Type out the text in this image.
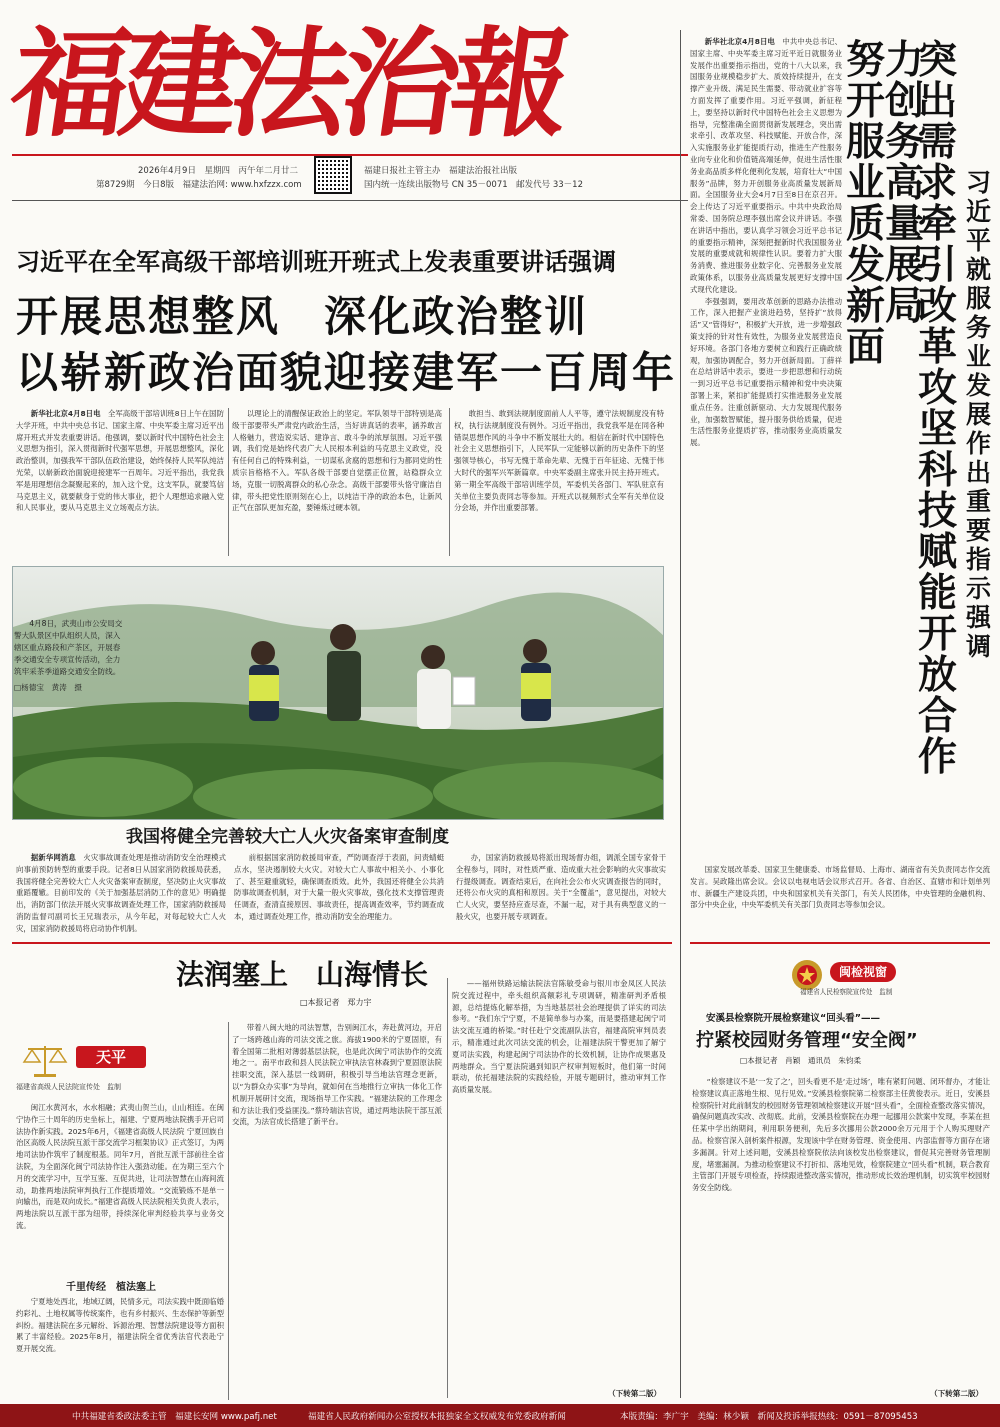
福建法治報
2026年4月9日　星期四　丙午年二月廿二
第8729期　今日8版　福建法治网: www.hxfzzx.com
福建日报社主管主办　福建法治报社出版
国内统一连续出版物号 CN 35－0071　邮发代号 33－12
习近平在全军高级干部培训班开班式上发表重要讲话强调
开展思想整风　深化政治整训
以崭新政治面貌迎接建军一百周年

新华社北京4月8日电　 全军高级干部培训班8日上午在国防大学开班，中共中央总书记、国家主席、中央军委主席习近平出席开班式并发表重要讲话。他强调，要以新时代中国特色社会主义思想为指引，深入贯彻新时代强军思想，开展思想整风，深化政治整训，加强我军干部队伍政治建设，始终保持人民军队纯洁光荣，以崭新政治面貌迎接建军一百周年。习近平指出，我党我军是用理想信念凝聚起来的，加入这个党，这支军队，就要笃信马克思主义，就要献身于党的伟大事业，把个人理想追求融入党和人民事业，要从马克思主义立场观点方法。

以理论上的清醒保证政治上的坚定。军队领导干部特别是高级干部要带头严肃党内政治生活，当好讲真话的表率，涵养敢言人格魅力，营造说实话、建诤言、敢斗争的浓厚氛围。习近平强调，我们党是始终代表广大人民根本利益的马克思主义政党，没有任何自己的特殊利益，一切谋私贪腐的思想和行为都同党的性质宗旨格格不入。军队各级干部要自觉摆正位置，站稳群众立场，克服一切脱离群众的私心杂念。高级干部要带头恪守廉洁自律，带头把党性原则刻在心上，以纯洁干净的政治本色，让新风正气在部队更加充盈，要锤炼过硬本领。

敢担当、敢到法规制度面前人人平等，遵守法规制度没有特权，执行法规制度没有例外。习近平指出，我党我军是在同各种错误思想作风的斗争中不断发展壮大的。相信在新时代中国特色社会主义思想指引下，人民军队一定能够以新的历史条件下的坚强领导核心，书写无愧于革命先辈、无愧于百年征途、无愧于伟大时代的强军兴军新篇章。中央军委副主席张升民主持开班式。第一期全军高级干部培训班学员，军委机关各部门、军队驻京有关单位主要负责同志等参加。开班式以视频形式全军有关单位设分会场，并作出重要部署。

4月8日，武夷山市公安局交警大队景区中队组织人员，深入辖区重点路段和产茶区，开展春季交通安全专项宣传活动，全力筑牢采茶季道路交通安全防线。
□杨德宝　黄涛　摄
我国将健全完善较大亡人火灾备案审查制度

据新华网消息　 火灾事故调查处理是推动消防安全治理模式向事前预防转型的重要手段。记者8日从国家消防救援局获悉，我国将健全完善较大亡人火灾备案审查制度，坚决防止火灾事故重蹈覆辙。目前印发的《关于加强基层消防工作的意见》明确提出，消防部门依法开展火灾事故调查处理工作，国家消防救援局消防监督司副司长王兄瑞表示，从今年起，对每起较大亡人火灾，国家消防救援局将启动协作机制。

前根据国家消防救援局审查，严防调查浮于表面，问责蜻蜓点水，坚决遏制较大火灾。对较大亡人事故中相关小、小事化了、甚至避重就轻，确保调查质效。此外，我国还将健全公共消防事故调查机制，对于大量一般火灾事故，强化技术支撑管理责任调查，查清直接原因、事故责任，提高调查效率，节约调查成本，通过调查处理工作，推动消防安全治理能力。

办，国家消防救援局将派出现场督办组，调派全国专家骨干全程参与，同时，对性质严重、造成重大社会影响的火灾事故实行提级调查。调查结束后，在向社会公布火灾调查报告的同时，还将公布火灾的真相和原因。关于“全覆盖”，意见提出，对较大亡人火灾，要坚持应查尽查，不漏一起，对于具有典型意义的一般火灾，也要开展专项调查。

法润塞上　山海情长
□本报记者　郑力宇
天平
福建省高级人民法院宣传处　监制

闽江水黄河水，水水相融；武夷山贺兰山，山山相连。在闽宁协作三十周年的历史坐标上，福建、宁夏两地法院携手开启司法协作新实践。2025年6月，《福建省高级人民法院 宁夏回族自治区高级人民法院互派干部交流学习框架协议》正式签订，为两地司法协作筑牢了制度根基。同年7月，首批互派干部前往全省法院，为全面深化闽宁司法协作注入强劲动能。在为期三至六个月的交流学习中，互学互鉴、互促共进，让司法智慧在山海间流动，助推两地法院审判执行工作提质增效。“交流锻炼不是单一向输出，而是双向成长。”福建省高级人民法院相关负责人表示，两地法院以互派干部为纽带，持续深化审判经验共享与业务交流。

千里传经　植法塞上

宁夏地处西北，地域辽阔，民情多元，司法实践中既面临婚约彩礼、土地权属等传统案件，也有乡村振兴、生态保护等新型纠纷。福建法院在多元解纷、诉源治理、智慧法院建设等方面积累了丰富经验。2025年8月，福建法院全省优秀法官代表赴宁夏开展交流。

带着八闽大地的司法智慧，告别闽江水，奔赴黄河边，开启了一场跨越山海的司法交流之旅。海拔1900米的宁夏固原，有着全国第二批相对薄弱基层法院，也是此次闽宁司法协作的交流地之一。南平市政和县人民法院立审执法官林森到宁夏固原法院挂职交流，深入基层一线调研，积极引导当地法官理念更新，以“为群众办实事”为导向，就如何在当地推行立审执一体化工作机制开展研讨交流，现场指导工作实践。“福建法院的工作理念和方法让我们受益匪浅。”蔡玲瑞法官说，通过两地法院干部互派交流，为法官成长搭建了新平台。

——福州铁路运输法院法官陈敏受命与银川市金凤区人民法院交流过程中，牵头组织高额彩礼专项调研，精准研判矛盾根源，总结提炼化解举措，为当地基层社会治理提供了详实的司法参考。“我们东宁宁夏，不是简单参与办案，而是要搭建起闽宁司法交流互通的桥梁。”时任赴宁交流副队法官，福建高院审判员表示，精准通过此次司法交流的机会，让福建法院干警更加了解宁夏司法实践，构建起闽宁司法协作的长效机制，让协作成果惠及两地群众。当宁夏法院遇到知识产权审判短板时，他们第一时间联动，依托福建法院的实践经验，开展专题研讨，推动审判工作高质量发展。

（下转第二版）

新华社北京4月8日电　 中共中央总书记、国家主席、中央军委主席习近平近日就服务业发展作出重要指示指出，党的十八大以来，我国服务业规模稳步扩大、质效持续提升，在支撑产业升级、满足民生需要、带动就业扩容等方面发挥了重要作用。习近平强调，新征程上，要坚持以新时代中国特色社会主义思想为指导，完整准确全面贯彻新发展理念，突出需求牵引、改革攻坚、科技赋能、开放合作，深入实施服务业扩能提质行动，推进生产性服务业向专业化和价值链高端延伸，促进生活性服务业高品质多样化便利化发展，培育壮大“中国服务”品牌，努力开创服务业高质量发展新局面。全国服务业大会4月7日至8日在京召开。会上传达了习近平重要指示。中共中央政治局常委、国务院总理李强出席会议并讲话。李强在讲话中指出，要认真学习领会习近平总书记的重要指示精神，深刻把握新时代我国服务业发展的重要成就和规律性认识。要着力扩大服务消费、推进服务业数字化、完善服务业发展政策体系，以服务业高质量发展更好支撑中国式现代化建设。

李强强调，要用改革创新的思路办法推动工作，深入把握产业演进趋势，坚持扩“放得活”又“管得好”，积极扩大开放，进一步增强政策支持的针对性有效性，为服务业发展营造良好环境。各部门各地方要树立和践行正确政绩观，加强协调配合，努力开创新局面。丁薛祥在总结讲话中表示，要进一步把思想和行动统一到习近平总书记重要指示精神和党中央决策部署上来，紧扣扩能提质打实推进服务业发展重点任务。注重创新驱动、大力发展现代服务业，加强数智赋能，提升服务供给质量，促进生活性服务业提质扩容，推动服务业高质量发展。

努力开创服务业高质量发展新局面
突出需求牵引改革攻坚科技赋能开放合作
习近平就服务业发展作出重要指示强调

国家发展改革委、国家卫生健康委、市场监督局、上海市、湖南省有关负责同志作交流发言。吴政隆出席会议。会议以电视电话会议形式召开。各省、自治区、直辖市和计划单列市、新疆生产建设兵团，中央和国家机关有关部门，有关人民团体，中央管理的金融机构、部分中央企业，中央军委机关有关部门负责同志等参加会议。

闽检视窗
福建省人民检察院宣传处　监制
安溪县检察院开展检察建议“回头看”——
拧紧校园财务管理“安全阀”
□本报记者　肖颖　通讯员　朱钧柔

“检察建议不是‘一发了之’，回头看更不是‘走过场’，唯有紧盯问题、闭环督办，才能让检察建议真正落地生根、见行见效。”安溪县检察院第二检察部主任黄俊表示。近日，安溪县检察院针对此前制发的校园财务管理领域检察建议开展“回头看”，全面检查整改落实情况，确保问题真改实改、改彻底。此前，安溪县检察院在办理一起挪用公款案中发现，李某在担任某中学出纳期间，利用职务便利，先后多次挪用公款2000余万元用于个人购买理财产品。检察官深入剖析案件根源，发现该中学在财务管理、资金使用、内部监督等方面存在诸多漏洞。针对上述问题，安溪县检察院依法向该校发出检察建议，督促其完善财务管理制度，堵塞漏洞。为推动检察建议不打折扣、落地见效，检察院建立“回头看”机制，联合教育主管部门开展专项检查，持续跟进整改落实情况，推动形成长效治理机制，切实筑牢校园财务安全防线。

（下转第二版）
中共福建省委政法委主管　福建长安网 www.pafj.net	福建省人民政府新闻办公室授权本报独家全文权威发布党委政府新闻	本版责编：李广宇　美编：林少颖　新闻及投诉举报热线：0591－87095453
